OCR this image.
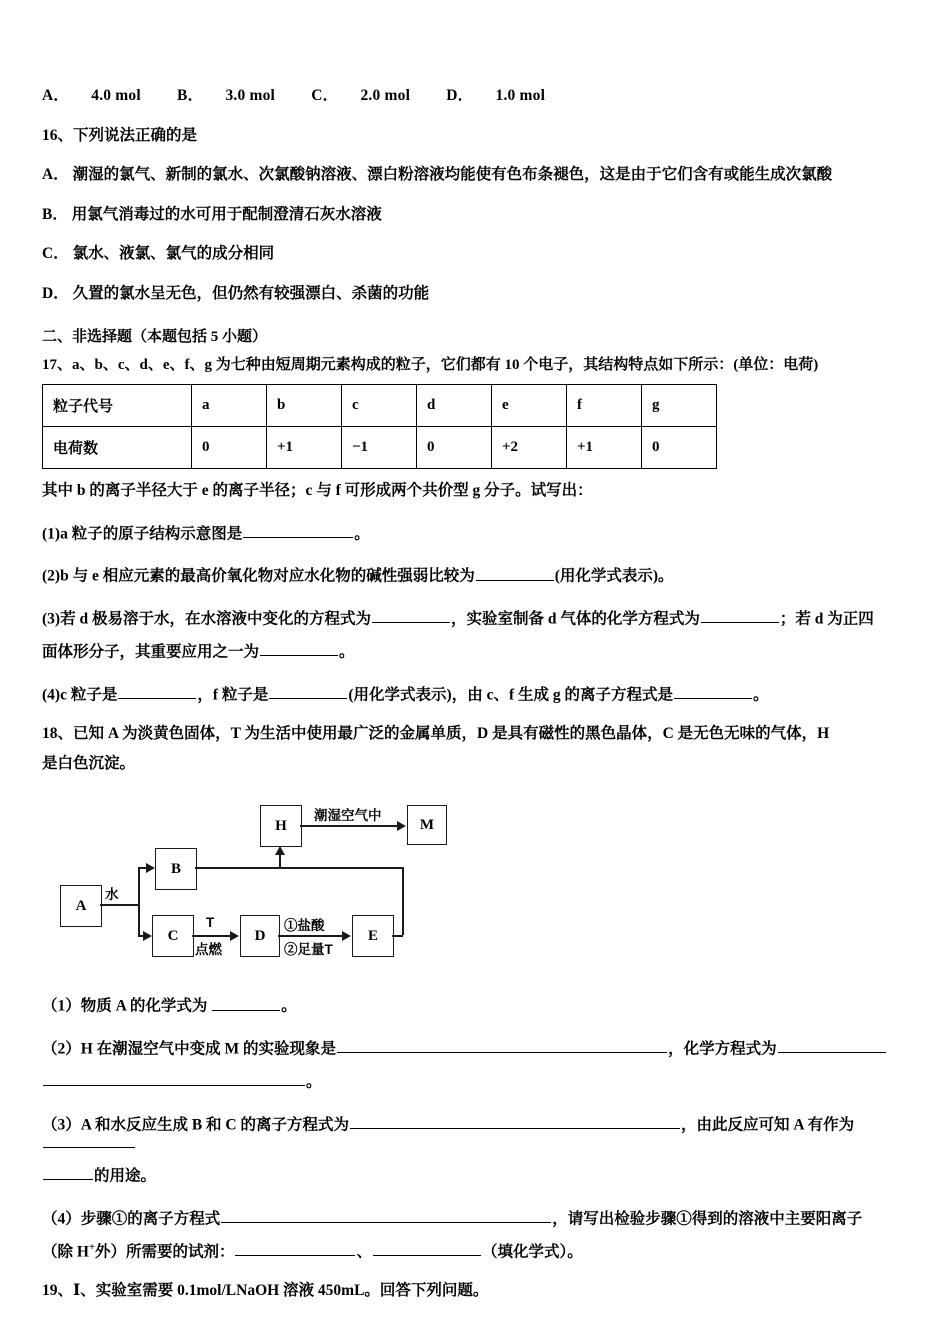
A． 4.0 mol B． 3.0 mol C． 2.0 mol D． 1.0 mol

16、下列说法正确的是

A． 潮湿的氯气、新制的氯水、次氯酸钠溶液、漂白粉溶液均能使有色布条褪色，这是由于它们含有或能生成次氯酸

B． 用氯气消毒过的水可用于配制澄清石灰水溶液

C． 氯水、液氯、氯气的成分相同

D． 久置的氯水呈无色，但仍然有较强漂白、杀菌的功能

二、非选择题（本题包括 5 小题）

17、a、b、c、d、e、f、g 为七种由短周期元素构成的粒子，它们都有 10 个电子，其结构特点如下所示：(单位：电荷)

粒子代号	a	b	c	d	e	f	g
电荷数	0	+1	−1	0	+2	+1	0

其中 b 的离子半径大于 e 的离子半径；c 与 f 可形成两个共价型 g 分子。试写出：

(1)a 粒子的原子结构示意图是	。

(2)b 与 e 相应元素的最高价氧化物对应水化物的碱性强弱比较为	(用化学式表示)。

(3)若 d 极易溶于水，在水溶液中变化的方程式为	，实验室制备 d 气体的化学方程式为	；若 d 为正四

面体形分子，其重要应用之一为	。

(4)c 粒子是	，f 粒子是	(用化学式表示)，由 c、f 生成 g 的离子方程式是	。

18、已知 A 为淡黄色固体，T 为生活中使用最广泛的金属单质，D 是具有磁性的黑色晶体，C 是无色无味的气体，H

是白色沉淀。

A
B
C	D	E
H	M
水
潮湿空气中
T
点燃
①盐酸
②足量T

（1）物质 A 的化学式为	。

（2）H 在潮湿空气中变成 M 的实验现象是	，化学方程式为

。

（3）A 和水反应生成 B 和 C 的离子方程式为	，由此反应可知 A 有作为

的用途。

（4）步骤①的离子方程式	，请写出检验步骤①得到的溶液中主要阳离子

（除 H+外）所需要的试剂：	、	（填化学式）。

19、Ⅰ、实验室需要 0.1mol/LNaOH 溶液 450mL。回答下列问题。
